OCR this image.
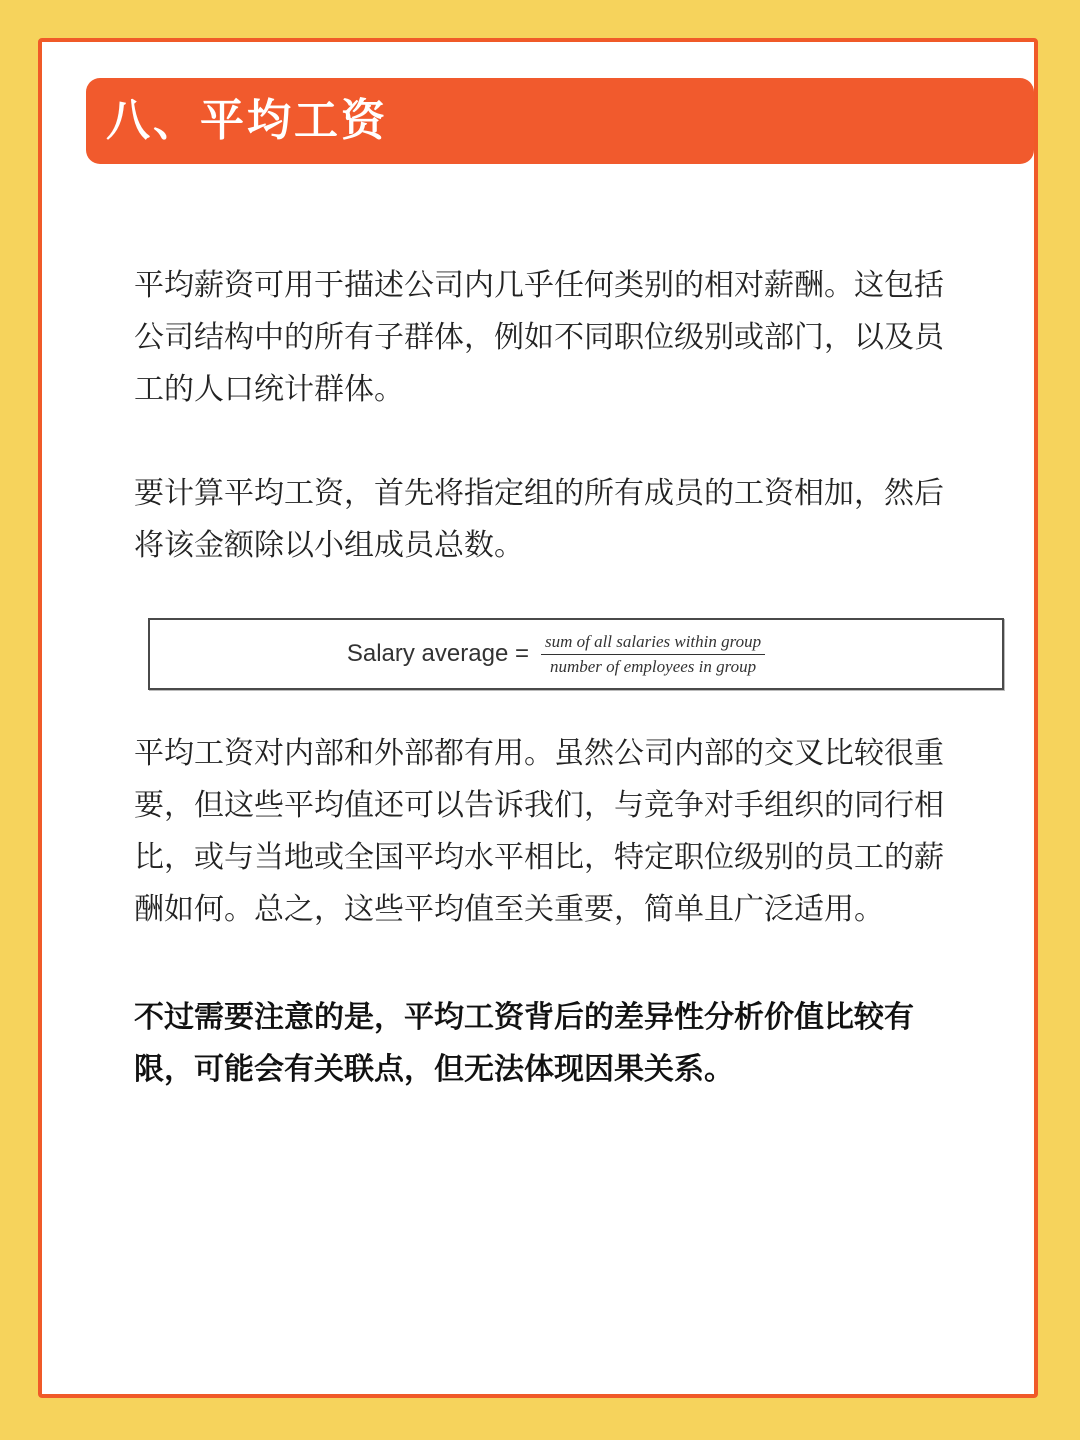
八、平均工资

平均薪资可用于描述公司内几乎任何类别的相对薪酬。这包括公司结构中的所有子群体，例如不同职位级别或部门，以及员工的人口统计群体。

要计算平均工资，首先将指定组的所有成员的工资相加，然后将该金额除以小组成员总数。

Salary average = $\frac{\text{sum of all salaries within group}}{\text{number of employees in group}}$

平均工资对内部和外部都有用。虽然公司内部的交叉比较很重要，但这些平均值还可以告诉我们，与竞争对手组织的同行相比，或与当地或全国平均水平相比，特定职位级别的员工的薪酬如何。总之，这些平均值至关重要，简单且广泛适用。

不过需要注意的是，平均工资背后的差异性分析价值比较有限，可能会有关联点，但无法体现因果关系。
